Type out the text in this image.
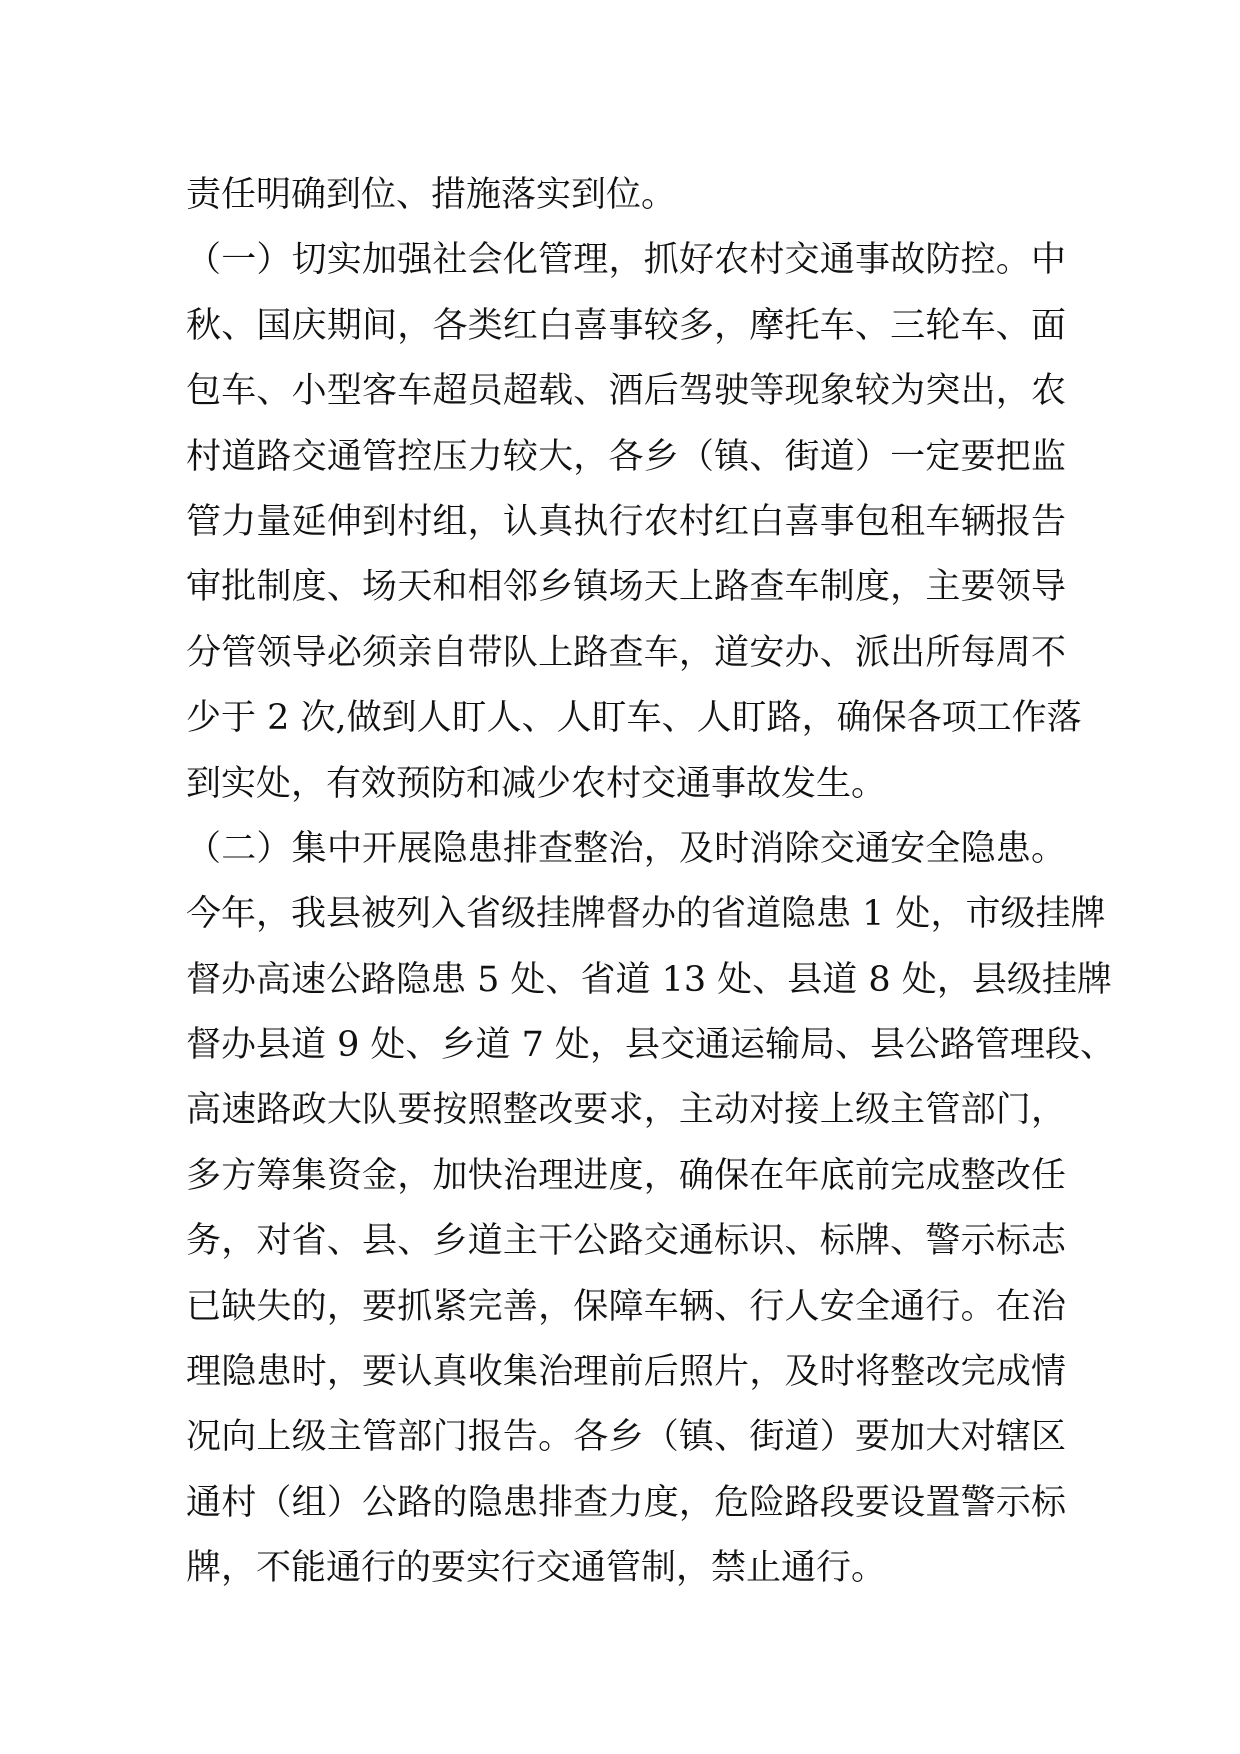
责任明确到位、措施落实到位。
（一）切实加强社会化管理，抓好农村交通事故防控。中
秋、国庆期间，各类红白喜事较多，摩托车、三轮车、面
包车、小型客车超员超载、酒后驾驶等现象较为突出，农
村道路交通管控压力较大，各乡（镇、街道）一定要把监
管力量延伸到村组，认真执行农村红白喜事包租车辆报告
审批制度、场天和相邻乡镇场天上路查车制度，主要领导
分管领导必须亲自带队上路查车，道安办、派出所每周不
少于 2 次,做到人盯人、人盯车、人盯路，确保各项工作落
到实处，有效预防和减少农村交通事故发生。
（二）集中开展隐患排查整治，及时消除交通安全隐患。
今年，我县被列入省级挂牌督办的省道隐患 1 处，市级挂牌
督办高速公路隐患 5 处、省道 13 处、县道 8 处，县级挂牌
督办县道 9 处、乡道 7 处，县交通运输局、县公路管理段、
高速路政大队要按照整改要求，主动对接上级主管部门，
多方筹集资金，加快治理进度，确保在年底前完成整改任
务，对省、县、乡道主干公路交通标识、标牌、警示标志
已缺失的，要抓紧完善，保障车辆、行人安全通行。在治
理隐患时，要认真收集治理前后照片，及时将整改完成情
况向上级主管部门报告。各乡（镇、街道）要加大对辖区
通村（组）公路的隐患排查力度，危险路段要设置警示标
牌，不能通行的要实行交通管制，禁止通行。
